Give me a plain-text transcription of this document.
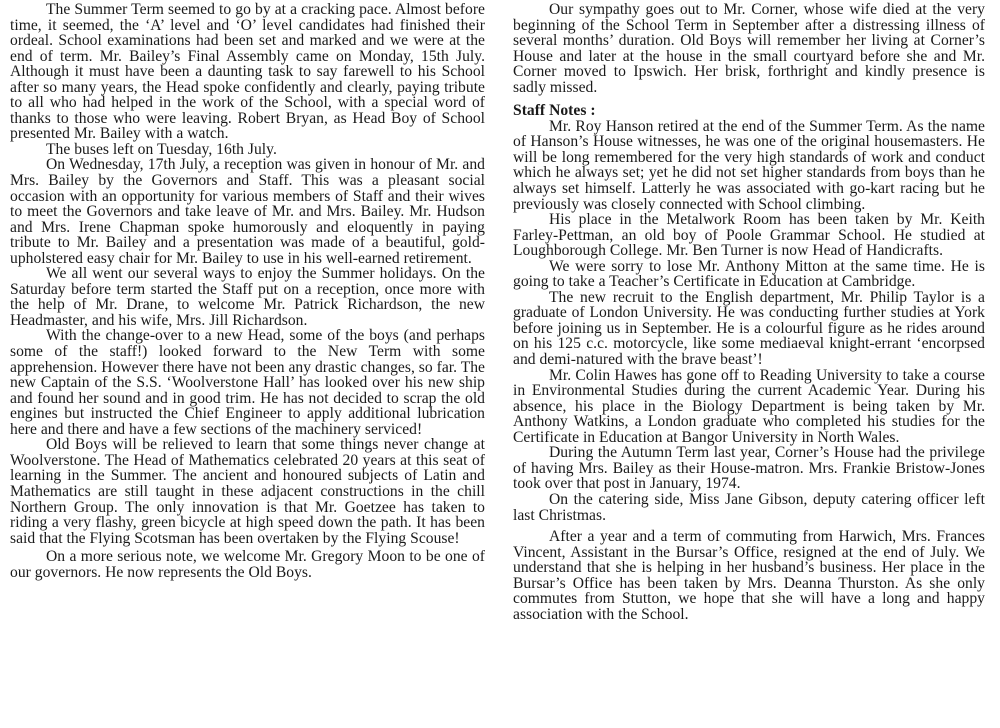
The Summer Term seemed to go by at a cracking pace. Almost before time, it seemed, the ‘A’ level and ‘O’ level candidates had finished their ordeal. School examinations had been set and marked and we were at the end of term. Mr. Bailey’s Final Assembly came on Monday, 15th July. Although it must have been a daunting task to say farewell to his School after so many years, the Head spoke confidently and clearly, paying tribute to all who had helped in the work of the School, with a special word of thanks to those who were leaving. Robert Bryan, as Head Boy of School presented Mr. Bailey with a watch.

The buses left on Tuesday, 16th July.

On Wednesday, 17th July, a reception was given in honour of Mr. and Mrs. Bailey by the Governors and Staff. This was a pleasant social occasion with an opportunity for various members of Staff and their wives to meet the Governors and take leave of Mr. and Mrs. Bailey. Mr. Hudson and Mrs. Irene Chapman spoke humorously and eloquently in paying tribute to Mr. Bailey and a presentation was made of a beautiful, gold-upholstered easy chair for Mr. Bailey to use in his well-earned retirement.

We all went our several ways to enjoy the Summer holidays. On the Saturday before term started the Staff put on a reception, once more with the help of Mr. Drane, to welcome Mr. Patrick Richardson, the new Headmaster, and his wife, Mrs. Jill Richardson.

With the change-over to a new Head, some of the boys (and perhaps some of the staff!) looked forward to the New Term with some apprehension. However there have not been any drastic changes, so far. The new Captain of the S.S. ‘Woolverstone Hall’ has looked over his new ship and found her sound and in good trim. He has not decided to scrap the old engines but instructed the Chief Engineer to apply additional lubrication here and there and have a few sections of the machinery serviced!

Old Boys will be relieved to learn that some things never change at Woolverstone. The Head of Mathematics celebrated 20 years at this seat of learning in the Summer. The ancient and honoured subjects of Latin and Mathematics are still taught in these adjacent constructions in the chill Northern Group. The only innovation is that Mr. Goetzee has taken to riding a very flashy, green bicycle at high speed down the path. It has been said that the Flying Scotsman has been overtaken by the Flying Scouse!

On a more serious note, we welcome Mr. Gregory Moon to be one of our governors. He now represents the Old Boys.

Our sympathy goes out to Mr. Corner, whose wife died at the very beginning of the School Term in September after a distressing illness of several months’ duration. Old Boys will remember her living at Corner’s House and later at the house in the small courtyard before she and Mr. Corner moved to Ipswich. Her brisk, forthright and kindly presence is sadly missed.

Staff Notes :

Mr. Roy Hanson retired at the end of the Summer Term. As the name of Hanson’s House witnesses, he was one of the original housemasters. He will be long remembered for the very high standards of work and conduct which he always set; yet he did not set higher standards from boys than he always set himself. Latterly he was associated with go-kart racing but he previously was closely connected with School climbing.

His place in the Metalwork Room has been taken by Mr. Keith Farley-Pettman, an old boy of Poole Grammar School. He studied at Loughborough College. Mr. Ben Turner is now Head of Handicrafts.

We were sorry to lose Mr. Anthony Mitton at the same time. He is going to take a Teacher’s Certificate in Education at Cambridge.

The new recruit to the English department, Mr. Philip Taylor is a graduate of London University. He was conducting further studies at York before joining us in September. He is a colourful figure as he rides around on his 125 c.c. motorcycle, like some mediaeval knight-errant ‘encorpsed and demi-natured with the brave beast’!

Mr. Colin Hawes has gone off to Reading University to take a course in Environmental Studies during the current Academic Year. During his absence, his place in the Biology Department is being taken by Mr. Anthony Watkins, a London graduate who completed his studies for the Certificate in Education at Bangor University in North Wales.

During the Autumn Term last year, Corner’s House had the privilege of having Mrs. Bailey as their House-matron. Mrs. Frankie Bristow-Jones took over that post in January, 1974.

On the catering side, Miss Jane Gibson, deputy catering officer left last Christmas.

After a year and a term of commuting from Harwich, Mrs. Frances Vincent, Assistant in the Bursar’s Office, resigned at the end of July. We understand that she is helping in her husband’s business. Her place in the Bursar’s Office has been taken by Mrs. Deanna Thurston. As she only commutes from Stutton, we hope that she will have a long and happy association with the School.
